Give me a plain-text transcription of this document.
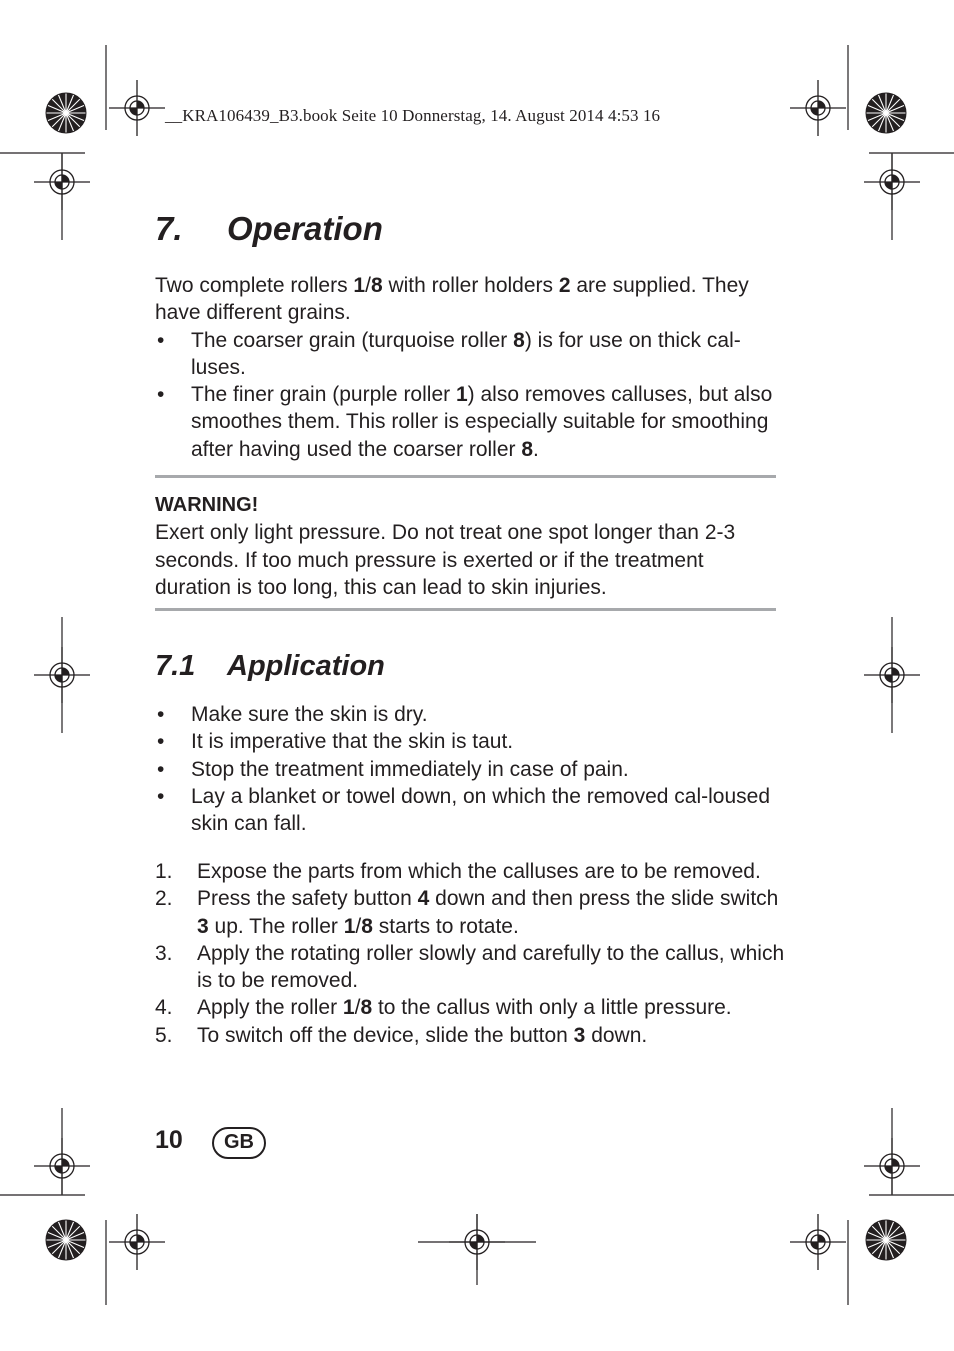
__KRA106439_B3.book Seite 10 Donnerstag, 14. August 2014 4:53 16
7. Operation

Two complete rollers 1/8 with roller holders 2 are supplied. They have different grains.

• The coarser grain (turquoise roller 8) is for use on thick cal-luses.
• The finer grain (purple roller 1) also removes calluses, but also smoothes them. This roller is especially suitable for smoothing after having used the coarser roller 8.
WARNING!

Exert only light pressure. Do not treat one spot longer than 2-3 seconds. If too much pressure is exerted or if the treatment duration is too long, this can lead to skin injuries.

7.1 Application
• Make sure the skin is dry.
• It is imperative that the skin is taut.
• Stop the treatment immediately in case of pain.
• Lay a blanket or towel down, on which the removed cal-loused skin can fall.
1. Expose the parts from which the calluses are to be removed.
2. Press the safety button 4 down and then press the slide switch 3 up. The roller 1/8 starts to rotate.
3. Apply the rotating roller slowly and carefully to the callus, which is to be removed.
4. Apply the roller 1/8 to the callus with only a little pressure.
5. To switch off the device, slide the button 3 down.
10	GB
